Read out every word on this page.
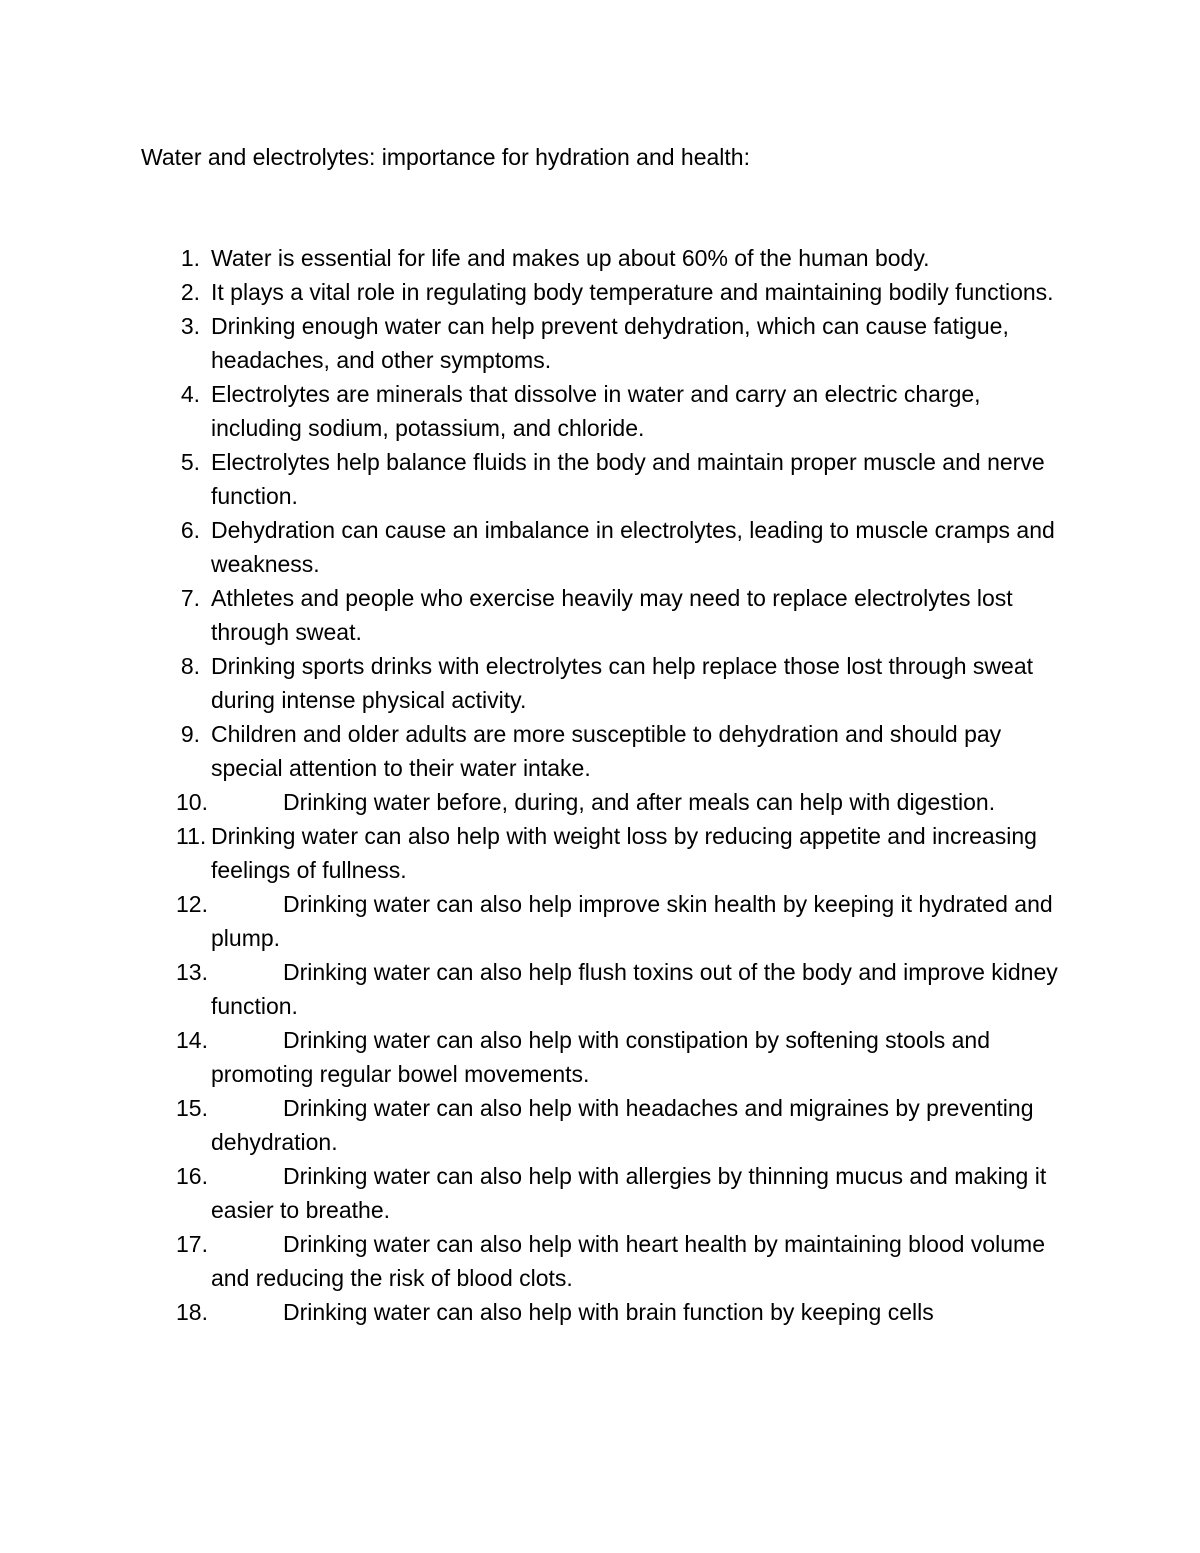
Water and electrolytes: importance for hydration and health:
1. Water is essential for life and makes up about 60% of the human body.
2. It plays a vital role in regulating body temperature and maintaining bodily functions.
3. Drinking enough water can help prevent dehydration, which can cause fatigue, headaches, and other symptoms.
4. Electrolytes are minerals that dissolve in water and carry an electric charge, including sodium, potassium, and chloride.
5. Electrolytes help balance fluids in the body and maintain proper muscle and nerve function.
6. Dehydration can cause an imbalance in electrolytes, leading to muscle cramps and weakness.
7. Athletes and people who exercise heavily may need to replace electrolytes lost through sweat.
8. Drinking sports drinks with electrolytes can help replace those lost through sweat during intense physical activity.
9. Children and older adults are more susceptible to dehydration and should pay special attention to their water intake.
10.	Drinking water before, during, and after meals can help with digestion.
11. Drinking water can also help with weight loss by reducing appetite and increasing feelings of fullness.
12.	Drinking water can also help improve skin health by keeping it hydrated and plump.
13.	Drinking water can also help flush toxins out of the body and improve kidney function.
14.	Drinking water can also help with constipation by softening stools and promoting regular bowel movements.
15.	Drinking water can also help with headaches and migraines by preventing dehydration.
16.	Drinking water can also help with allergies by thinning mucus and making it easier to breathe.
17.	Drinking water can also help with heart health by maintaining blood volume and reducing the risk of blood clots.
18.	Drinking water can also help with brain function by keeping cells
